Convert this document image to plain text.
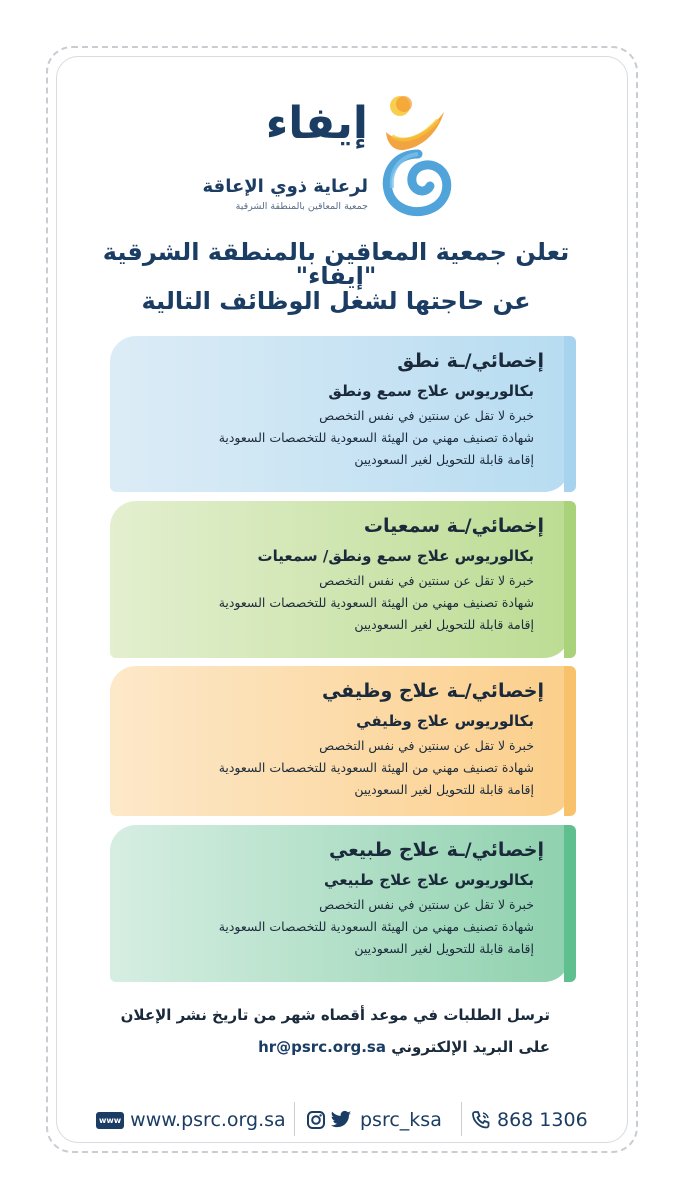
إيفاء
لرعاية ذوي الإعاقة
جمعية المعاقين بالمنطقة الشرقية
تعلن جمعية المعاقين بالمنطقة الشرقية "إيفاء"
عن حاجتها لشغل الوظائف التالية
إخصائي/ـة نطق
بكالوريوس علاج سمع ونطق
خبرة لا تقل عن سنتين في نفس التخصص
شهادة تصنيف مهني من الهيئة السعودية للتخصصات السعودية
إقامة قابلة للتحويل لغير السعوديين
إخصائي/ـة سمعيات
بكالوريوس علاج سمع ونطق/ سمعيات
خبرة لا تقل عن سنتين في نفس التخصص
شهادة تصنيف مهني من الهيئة السعودية للتخصصات السعودية
إقامة قابلة للتحويل لغير السعوديين
إخصائي/ـة علاج وظيفي
بكالوريوس علاج وظيفي
خبرة لا تقل عن سنتين في نفس التخصص
شهادة تصنيف مهني من الهيئة السعودية للتخصصات السعودية
إقامة قابلة للتحويل لغير السعوديين
إخصائي/ـة علاج طبيعي
بكالوريوس علاج علاج طبيعي
خبرة لا تقل عن سنتين في نفس التخصص
شهادة تصنيف مهني من الهيئة السعودية للتخصصات السعودية
إقامة قابلة للتحويل لغير السعوديين
ترسل الطلبات في موعد أقصاه شهر من تاريخ نشر الإعلان
على البريد الإلكتروني hr@psrc.org.sa
www www.psrc.org.sa	psrc_ksa	868 1306
